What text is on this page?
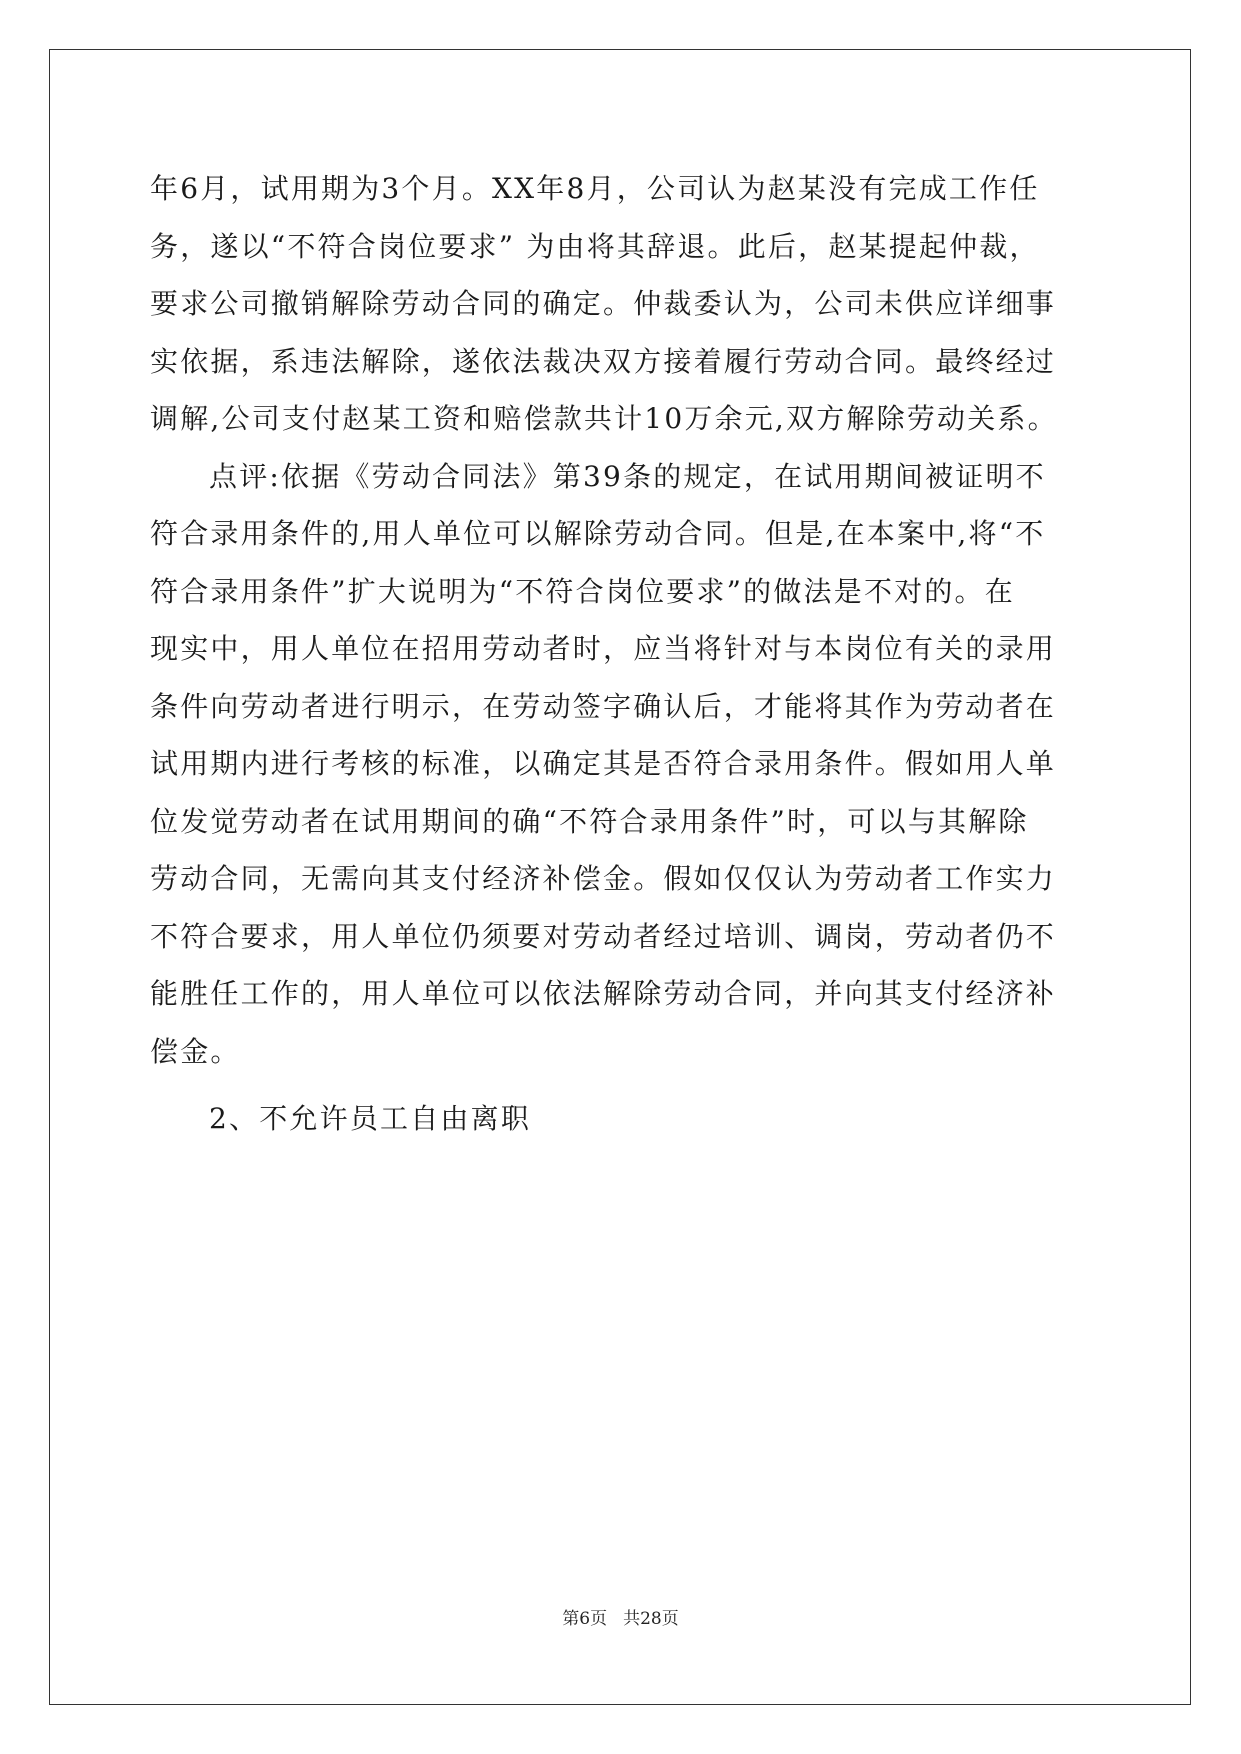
年6月，试用期为3个月。XX年8月，公司认为赵某没有完成工作任
务，遂以“不符合岗位要求” 为由将其辞退。此后，赵某提起仲裁，
要求公司撤销解除劳动合同的确定。仲裁委认为，公司未供应详细事
实依据，系违法解除，遂依法裁决双方接着履行劳动合同。最终经过
调解,公司支付赵某工资和赔偿款共计10万余元,双方解除劳动关系。
点评:依据《劳动合同法》第39条的规定，在试用期间被证明不
符合录用条件的,用人单位可以解除劳动合同。但是,在本案中,将“不
符合录用条件”扩大说明为“不符合岗位要求”的做法是不对的。在
现实中，用人单位在招用劳动者时，应当将针对与本岗位有关的录用
条件向劳动者进行明示，在劳动签字确认后，才能将其作为劳动者在
试用期内进行考核的标准，以确定其是否符合录用条件。假如用人单
位发觉劳动者在试用期间的确“不符合录用条件”时，可以与其解除
劳动合同，无需向其支付经济补偿金。假如仅仅认为劳动者工作实力
不符合要求，用人单位仍须要对劳动者经过培训、调岗，劳动者仍不
能胜任工作的，用人单位可以依法解除劳动合同，并向其支付经济补
偿金。
2、不允许员工自由离职
第6页 共28页
